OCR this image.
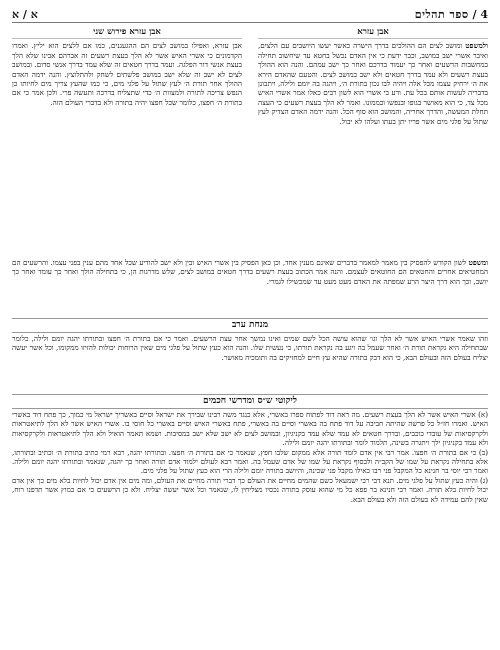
4 / ספר תהלים
א / א
אבן עזרא

ולמשפט ומושב לצים הם ההולכים בדרך הישרה כאשר יעשו היושבים עם הלצים, ואיבר אשרי ישב במושב, וכבר ידעת כי אין האדם נכשל בחטא עד שיחשוב תחילה במחשבות הרשעים ואחר כך יעמוד בדרכם ואחר כך ישב עמהם. והנה הוא ההולך בעצת רשעים ולא עמד בדרך חטאים ולא ישב במושב לצים. והטעם שהאדם הירא את ה׳ ירחיק עצמו מכל אלה ויהיה לבו נכון בתורת ה׳, ויהגה בה יומם ולילה, ויתבונן בדבריה לעשות אותם בכל עת. ודע כי אשרי הוא לשון רבים כאלו אמר אשרי האיש מכל צד, כי הוא מאושר בגופו ובנפשו ובממונו. ואמר לא הלך בעצת רשעים כי העצה תחלת המעשה, והדרך אחריה, והמושב הוא סוף הכל. והנה ידמה האדם הצדיק לעץ שתול על פלגי מים אשר פריו יתן בעתו ועלהו לא יבול.

אבן עזרא פירוש שני

אבן עזרא, ואפילו במושב לצים הם ההגעגנים, כמו אם ללצים הוא יליץ. ואמרו הקדמונים כי אשרי האיש אשר לא הלך בעצת רשעים זה אברהם אבינו שלא הלך בעצת אנשי דור הפלגה. ועמד בדרך חטאים זה שלא עמד בדרך אנשי סדום. ובמושב לצים לא ישב זה שלא ישב במושב פלשתים לשחק ולהתלוצץ. והנה ידמה האדם ההולך אחר תורת ה׳ לעץ שתול על פלגי מים, כי כמו שהעץ צריך מים לחיותו כן הנפש צריכה לתורה ולמצוות ה׳ כדי שתצליח בדרכה ותעשה פרי. ולכן אמר כי אם בתורת ה׳ חפצו, כלומר שכל חפצו יהיה בתורה ולא בדברי העולם הזה.

ומשפט לשון הקודש להפסיק בין מאמר למאמר בדברים שאינם מענין אחד, וכן כאן הפסיק בין אשרי האיש ובין ולא ישב להודיע שכל אחד מהם ענין בפני עצמו. והרשעים הם המחטיאים אחרים והחטאים הם החוטאים לעצמם. והנה אמר הכתוב בעצת רשעים בדרך חטאים במושב לצים, שלש מדרגות הן, כי בתחילה הולך ואחר כך עומד ואחר כך יושב, וכך הוא דרך היצר הרע שמפתה את האדם מעט מעט עד שמכשילו לגמרי.

מנחת ערב

וזהו שאמר אשרי האיש אשר לא הלך וגו׳ שהוא עושה הכל לשם שמים ואינו נמשך אחר עצת הרשעים. ואמר כי אם בתורת ה׳ חפצו ובתורתו יהגה יומם ולילה, כלומר שבתחילה היא נקראת תורת ה׳ ואחר שעמל בה ויגע בה נקראת תורתו, כי נעשית שלו. והנה הוא כעץ שתול על פלגי מים שאין הרוחות יכולות להזיזו ממקומו, וכל אשר יעשה יצליח בעולם הזה ובעולם הבא, כי הוא דבק בתורה שהיא עץ חיים למחזיקים בה ותומכיה מאושר.

ליקוטי ש״ס ומדרשי חכמים

(א) אשרי האיש אשר לא הלך בעצת רשעים. מה ראה דוד לפתוח ספרו באשרי, אלא כנגד משה רבינו שבירך את ישראל וסיים באשריך ישראל מי כמוך, כך פתח דוד באשרי האיש. ואמרו חז״ל כל פרשה שהיתה חביבה על דוד פתח בה באשרי וסיים בה באשרי, פתח באשרי האיש וסיים באשרי כל חוסי בו. אשרי האיש אשר לא הלך לתיאטראות ולקרקסיאות של עובדי כוכבים, ובדרך חטאים לא עמד שלא עמד בקניגיון, ובמושב לצים לא ישב שלא ישב במסיבות. ושמא תאמר הואיל ולא הלך לתיאטראות ולקרקסיאות ולא עמד בקניגיון ילך ויתגרה בשינה, תלמוד לומר ובתורתו יהגה יומם ולילה.

(ב) כי אם בתורת ה׳ חפצו. אמר רבי אין אדם לומד תורה אלא ממקום שלבו חפץ, שנאמר כי אם בתורת ה׳ חפצו. ובתורתו יהגה, רבא רמי כתיב בתורת ה׳ וכתיב ובתורתו, אלא בתחילה נקראת על שמו של הקב״ה ולבסוף נקראת על שמו של אדם שעמל בה. ואמר רבא לעולם ילמוד אדם תורה ואחר כך יהגה, שנאמר ובתורתו יהגה יומם ולילה. ואמר רבי יוסי בר חנינא כל המקבל פני רבו כאילו מקבל פני שכינה, והיושב בתורה יומם ולילה הרי הוא כעץ שתול על פלגי מים.

(ג) והיה כעץ שתול על פלגי מים. תנא דבי רבי ישמעאל כשם שהמים מחיים את העולם כך דברי תורה מחיים את העולם, ומה מים אין אדם יכול לחיות בלא מים כך אין אדם יכול לחיות בלא תורה. ואמר רבי חנינא בר פפא כל מי שהוא עוסק בתורה נכסיו מצליחין לו, שנאמר וכל אשר יעשה יצליח. ולא כן הרשעים כי אם כמוץ אשר תדפנו רוח, שאין להם עמידה לא בעולם הזה ולא בעולם הבא.
